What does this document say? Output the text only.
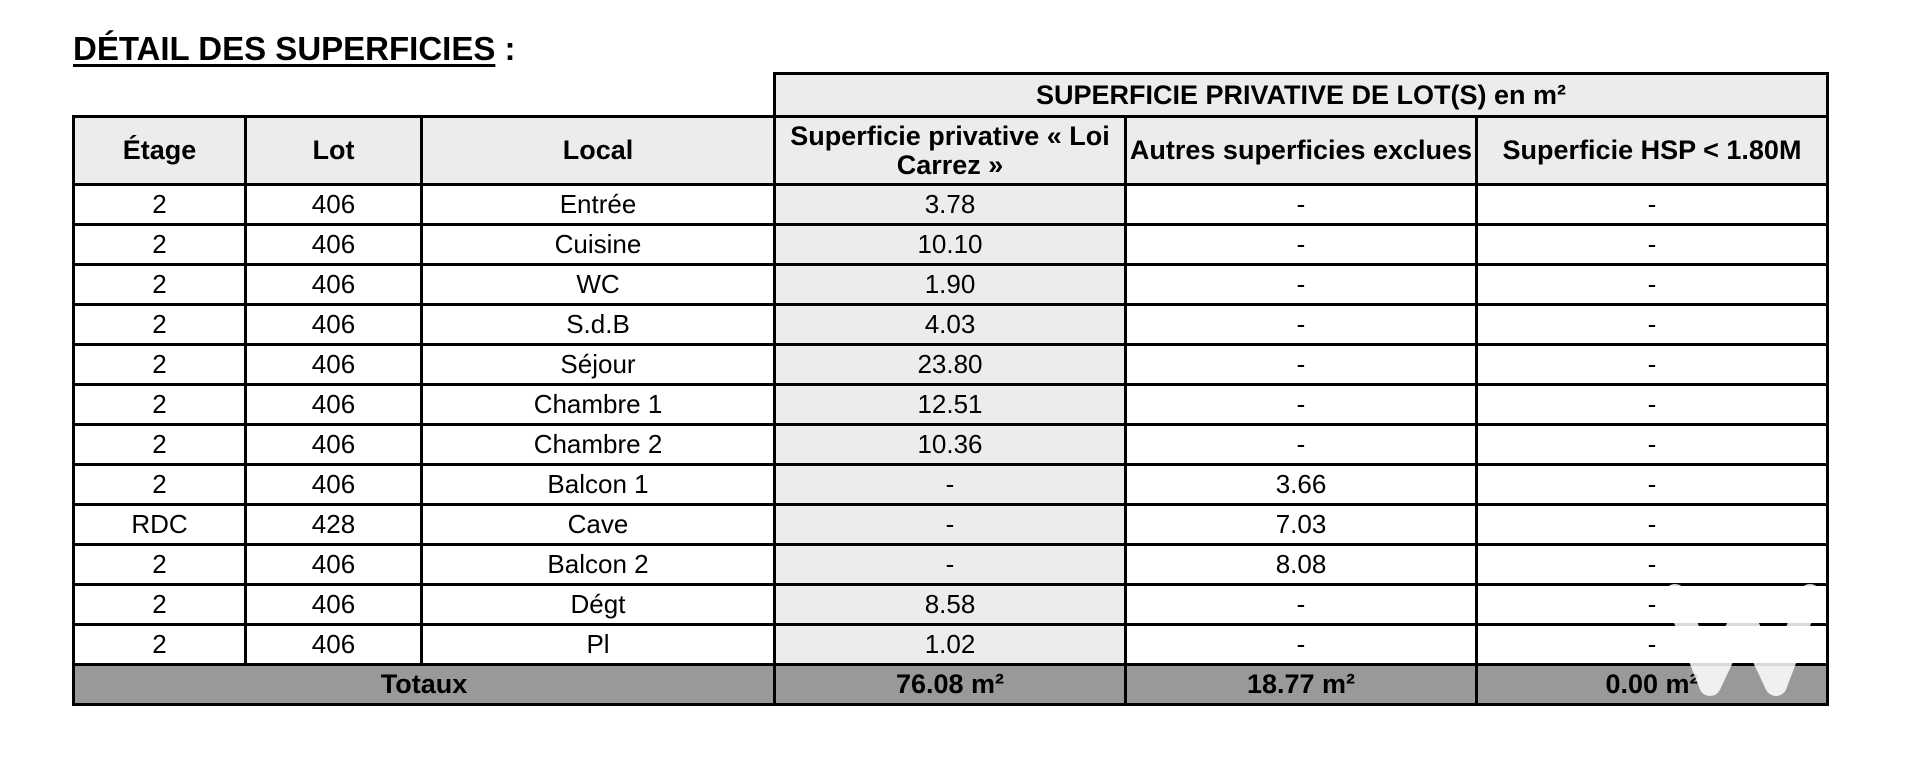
DÉTAIL DES SUPERFICIES :
			SUPERFICIE PRIVATIVE DE LOT(S) en m²		
Étage	Lot	Local	Superficie privative « Loi Carrez »	Autres superficies exclues	Superficie HSP < 1.80M
2	406	Entrée	3.78	-	-
2	406	Cuisine	10.10	-	-
2	406	WC	1.90	-	-
2	406	S.d.B	4.03	-	-
2	406	Séjour	23.80	-	-
2	406	Chambre 1	12.51	-	-
2	406	Chambre 2	10.36	-	-
2	406	Balcon 1	-	3.66	-
RDC	428	Cave	-	7.03	-
2	406	Balcon 2	-	8.08	-
2	406	Dégt	8.58	-	-
2	406	Pl	1.02	-	-
Totaux			76.08 m²	18.77 m²	0.00 m²
